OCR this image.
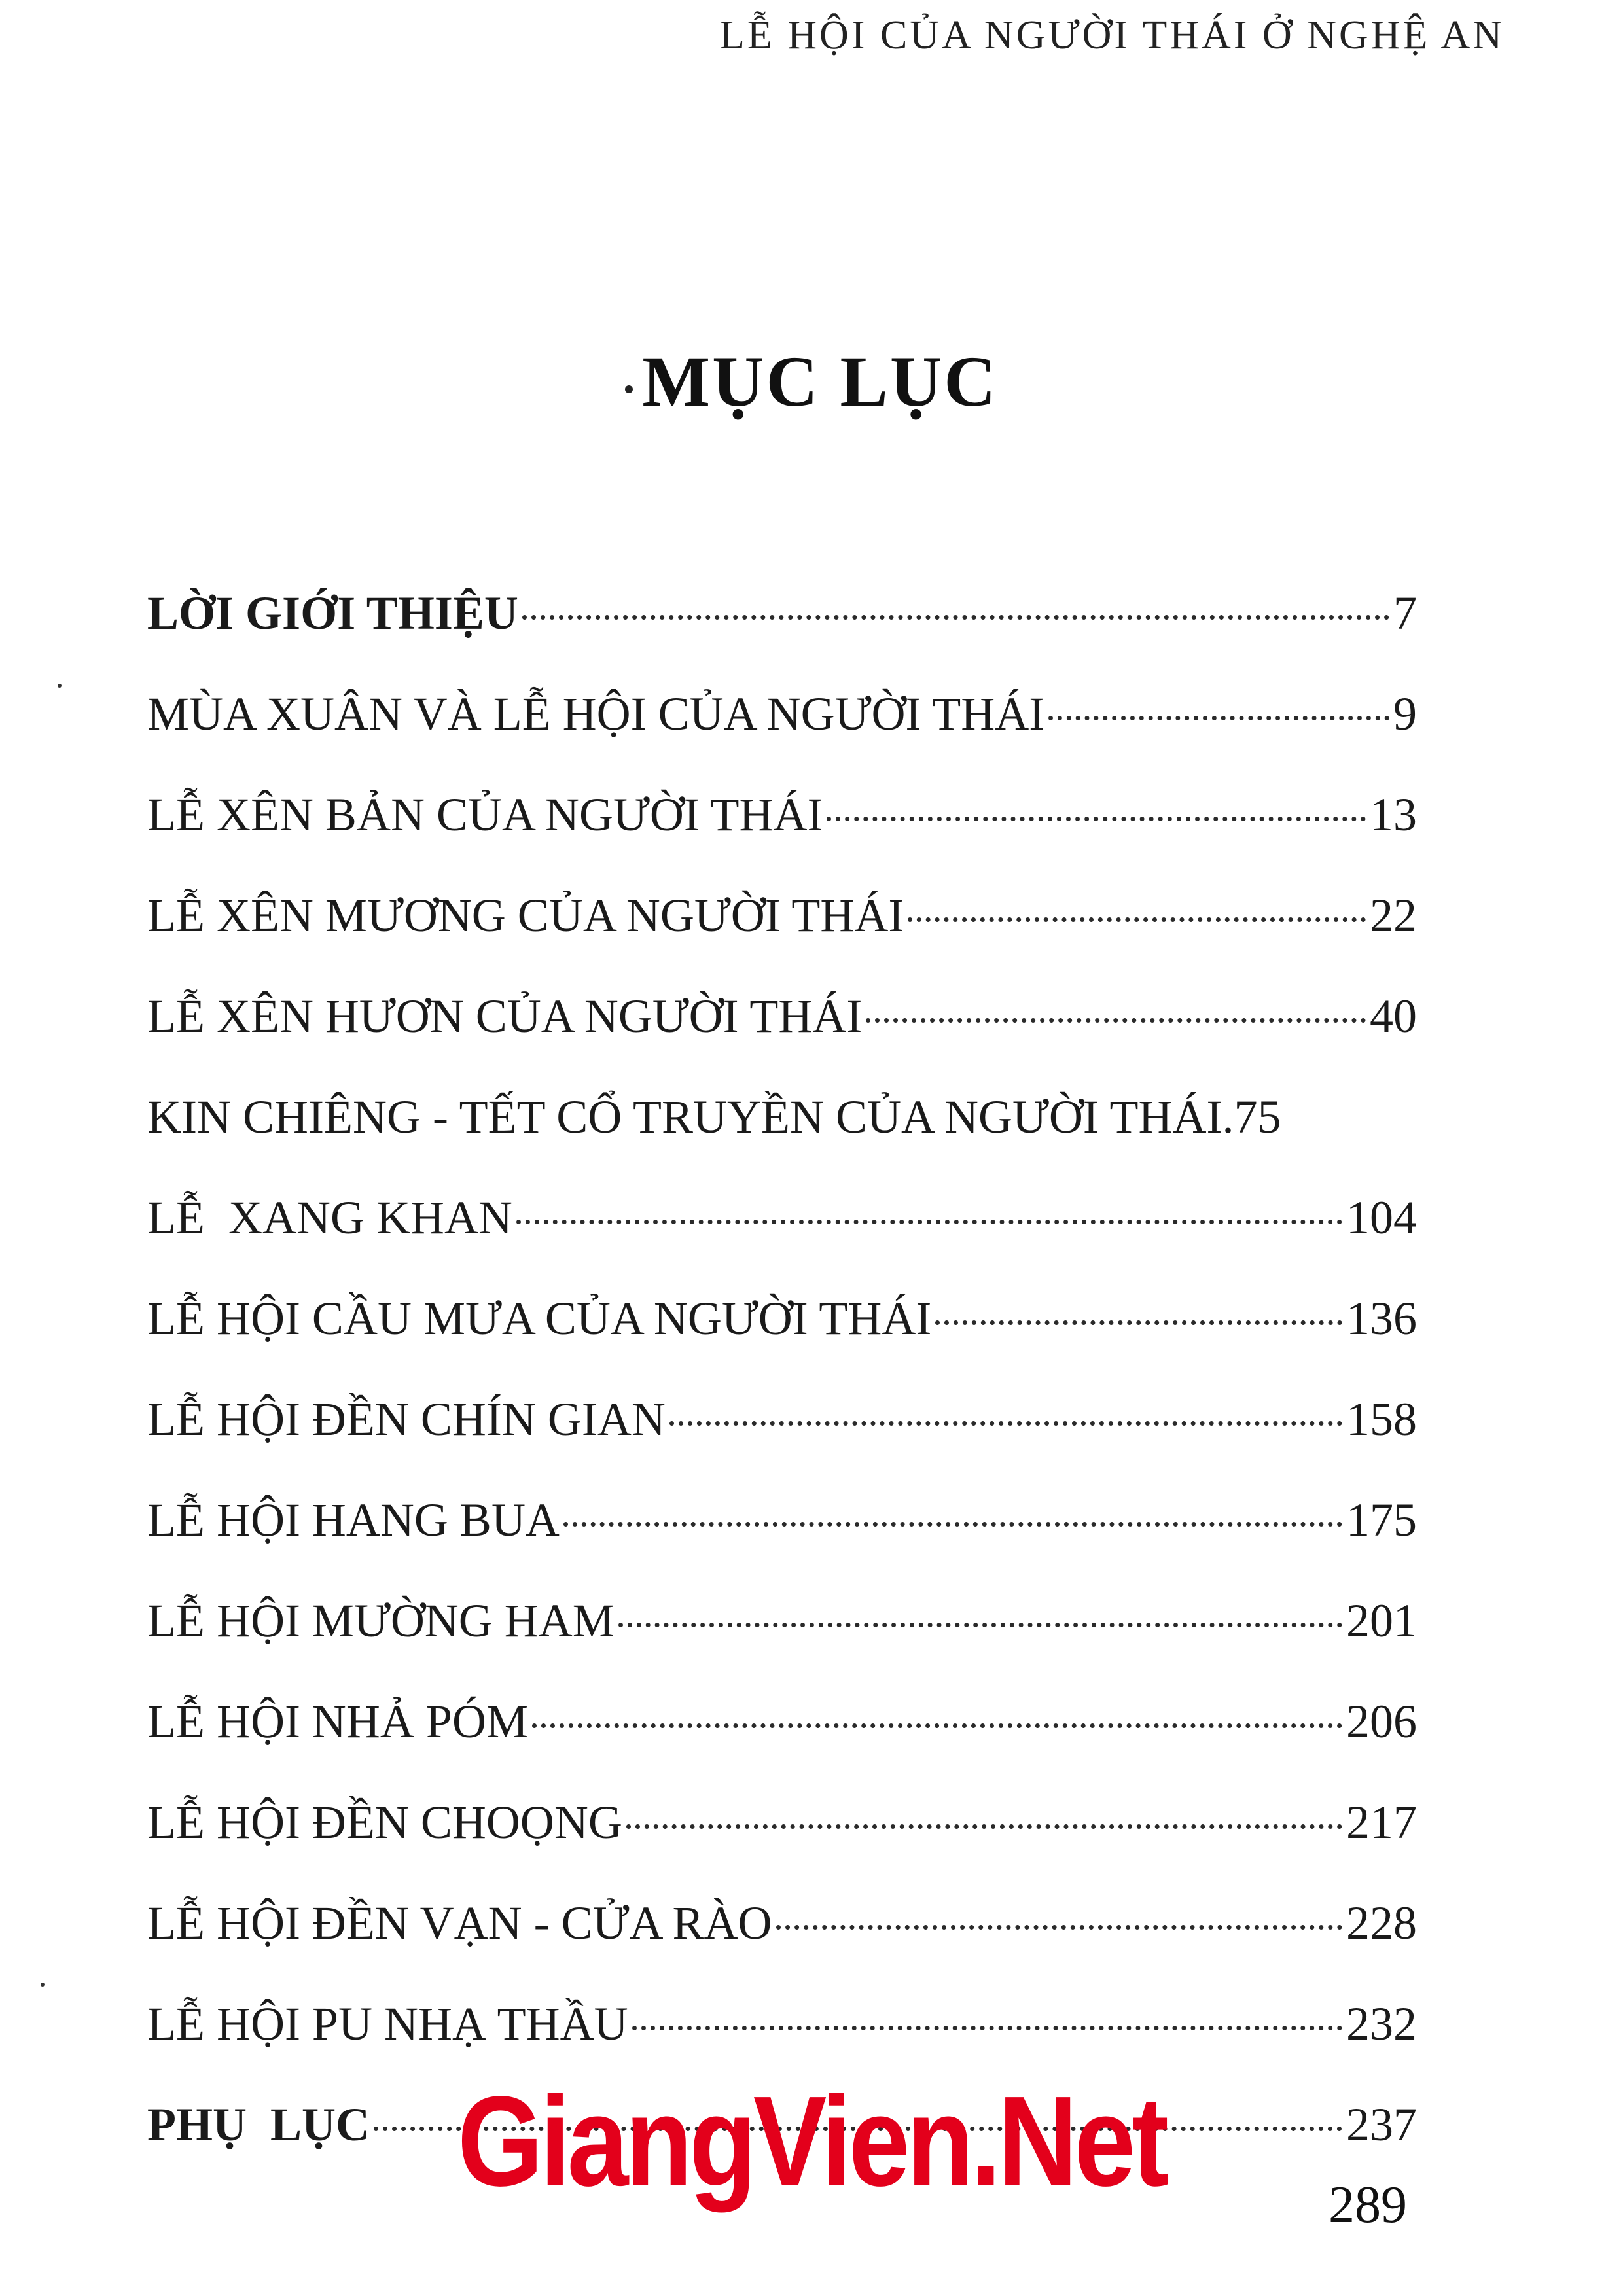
LỄ HỘI CỦA NGƯỜI THÁI Ở NGHỆ AN
MỤC LỤC
LỜI GIỚI THIỆU	7
MÙA XUÂN VÀ LỄ HỘI CỦA NGƯỜI THÁI	9
LỄ XÊN BẢN CỦA NGƯỜI THÁI	13
LỄ XÊN MƯƠNG CỦA NGƯỜI THÁI	22
LỄ XÊN HƯƠN CỦA NGƯỜI THÁI	40
KIN CHIÊNG - TẾT CỔ TRUYỀN CỦA NGƯỜI THÁI. 75
LỄ  XANG KHAN	104
LỄ HỘI CẦU MƯA CỦA NGƯỜI THÁI	136
LỄ HỘI ĐỀN CHÍN GIAN	158
LỄ HỘI HANG BUA	175
LỄ HỘI MƯỜNG HAM	201
LỄ HỘI NHẢ PÓM	206
LỄ HỘI ĐỀN CHOỌNG	217
LỄ HỘI ĐỀN VẠN - CỬA RÀO	228
LỄ HỘI PU NHẠ THẦU	232
PHỤ  LỤC	237
GiangVien.Net	289
